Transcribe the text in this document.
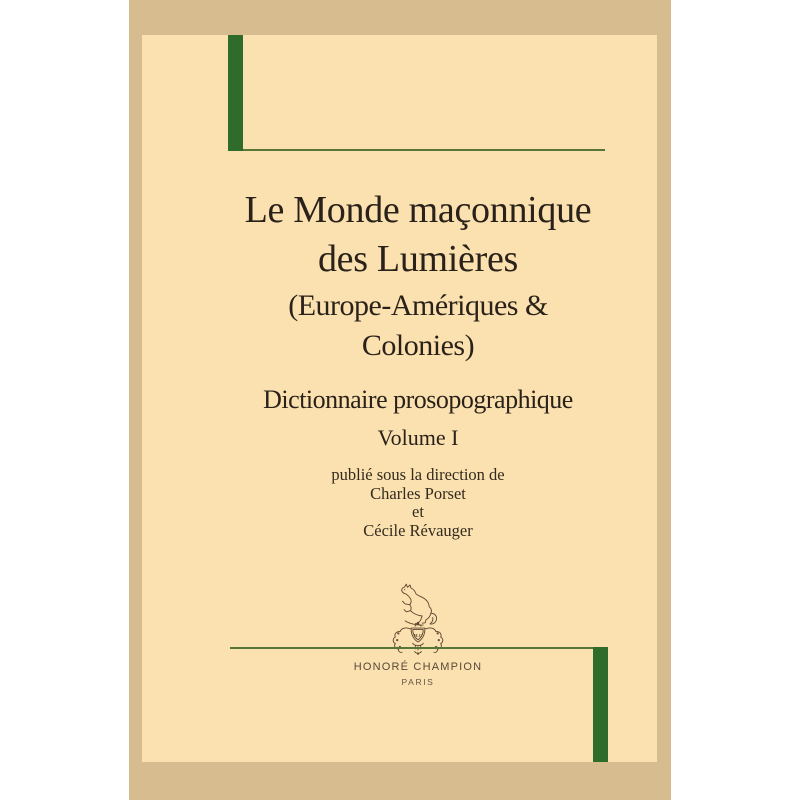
Le Monde maçonnique
des Lumières
(Europe-Amériques & Colonies)
Dictionnaire prosopographique
Volume I
publié sous la direction de
Charles Porset
et
Cécile Révauger
H.C
HONORÉ CHAMPION
PARIS
